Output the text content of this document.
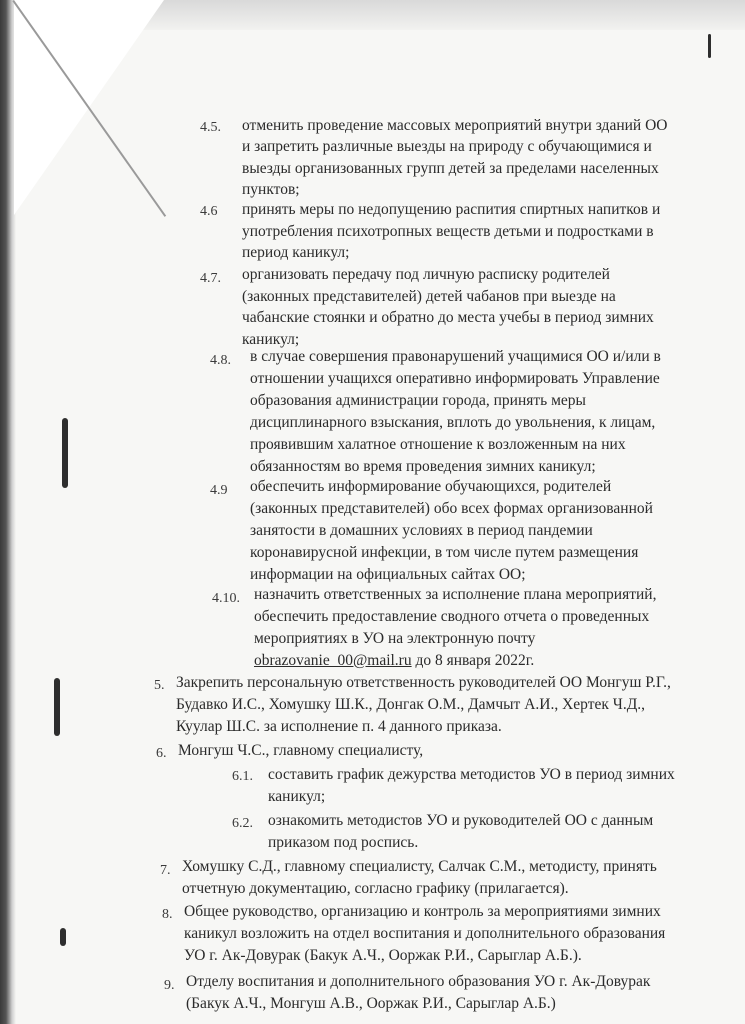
4.5. отменить проведение массовых мероприятий внутри зданий ОО
и запретить различные выезды на природу с обучающимися и
выезды организованных групп детей за пределами населенных
пунктов;
4.6 принять меры по недопущению распития спиртных напитков и
употребления психотропных веществ детьми и подростками в
период каникул;
4.7. организовать передачу под личную расписку родителей
(законных представителей) детей чабанов при выезде на
чабанские стоянки и обратно до места учебы в период зимних
каникул;
4.8. в случае совершения правонарушений учащимися ОО и/или в
отношении учащихся оперативно информировать Управление
образования администрации города, принять меры
дисциплинарного взыскания, вплоть до увольнения, к лицам,
проявившим халатное отношение к возложенным на них
обязанностям во время проведения зимних каникул;
4.9 обеспечить информирование обучающихся, родителей
(законных представителей) обо всех формах организованной
занятости в домашних условиях в период пандемии
коронавирусной инфекции, в том числе путем размещения
информации на официальных сайтах ОО;
4.10. назначить ответственных за исполнение плана мероприятий,
обеспечить предоставление сводного отчета о проведенных
мероприятиях в УО на электронную почту
obrazovanie_00@mail.ru до 8 января 2022г.
5. Закрепить персональную ответственность руководителей ОО Монгуш Р.Г.,
Будавко И.С., Хомушку Ш.К., Донгак О.М., Дамчыт А.И., Хертек Ч.Д.,
Куулар Ш.С. за исполнение п. 4 данного приказа.
6. Монгуш Ч.С., главному специалисту,
6.1. составить график дежурства методистов УО в период зимних
каникул;
6.2. ознакомить методистов УО и руководителей ОО с данным
приказом под роспись.
7. Хомушку С.Д., главному специалисту, Салчак С.М., методисту, принять
отчетную документацию, согласно графику (прилагается).
8. Общее руководство, организацию и контроль за мероприятиями зимних
каникул возложить на отдел воспитания и дополнительного образования
УО г. Ак-Довурак (Бакук А.Ч., Ооржак Р.И., Сарыглар А.Б.).
9. Отделу воспитания и дополнительного образования УО г. Ак-Довурак
(Бакук А.Ч., Монгуш А.В., Ооржак Р.И., Сарыглар А.Б.)
